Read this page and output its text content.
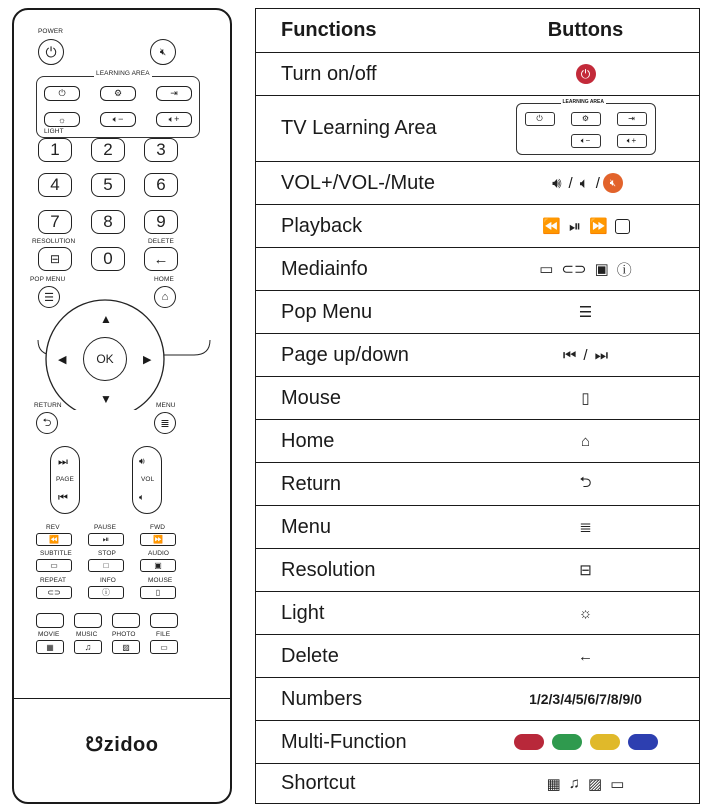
POWER
⏻	🔇︎
LEARNING AREA
⏻	⚙	⇥
☼	🔈︎−	🔈︎+
LIGHT
1	2	3
4	5	6
7	8	9
RESOLUTION	DELETE
⊟	0	←
POP MENU	HOME
☰	⌂
OK
▲
▼
◀	▶
RETURN	MENU
⮌	≣
⏭
PAGE
⏮
🔊︎
VOL
🔈︎
REV	PAUSE	FWD
⏪	⏯	⏩
SUBTITLE	STOP	AUDIO
▭	□	▣
REPEAT	INFO	MOUSE
⊂⊃	ⓘ	▯
MOVIE	MUSIC PHOTO	FILE
▦	♫	▨	▭
☋zidoo
Functions	Buttons
Turn on/off	⏻
TV Learning Area
LEARNING AREA
⏻	⚙	⇥
🔈︎−	🔈︎+
VOL+/VOL-/Mute	🔊︎ / 🔈︎ / 🔇︎
Playback	⏪ ⏯ ⏩
Mediainfo	▭ ⊂⊃ ▣ ⓘ
Pop Menu	☰
Page up/down	⏮ / ⏭
Mouse	▯
Home	⌂
Return	⮌
Menu	≣
Resolution	⊟
Light	☼
Delete	←
Numbers	1/2/3/4/5/6/7/8/9/0
Multi-Function
Shortcut	▦ ♫ ▨ ▭
